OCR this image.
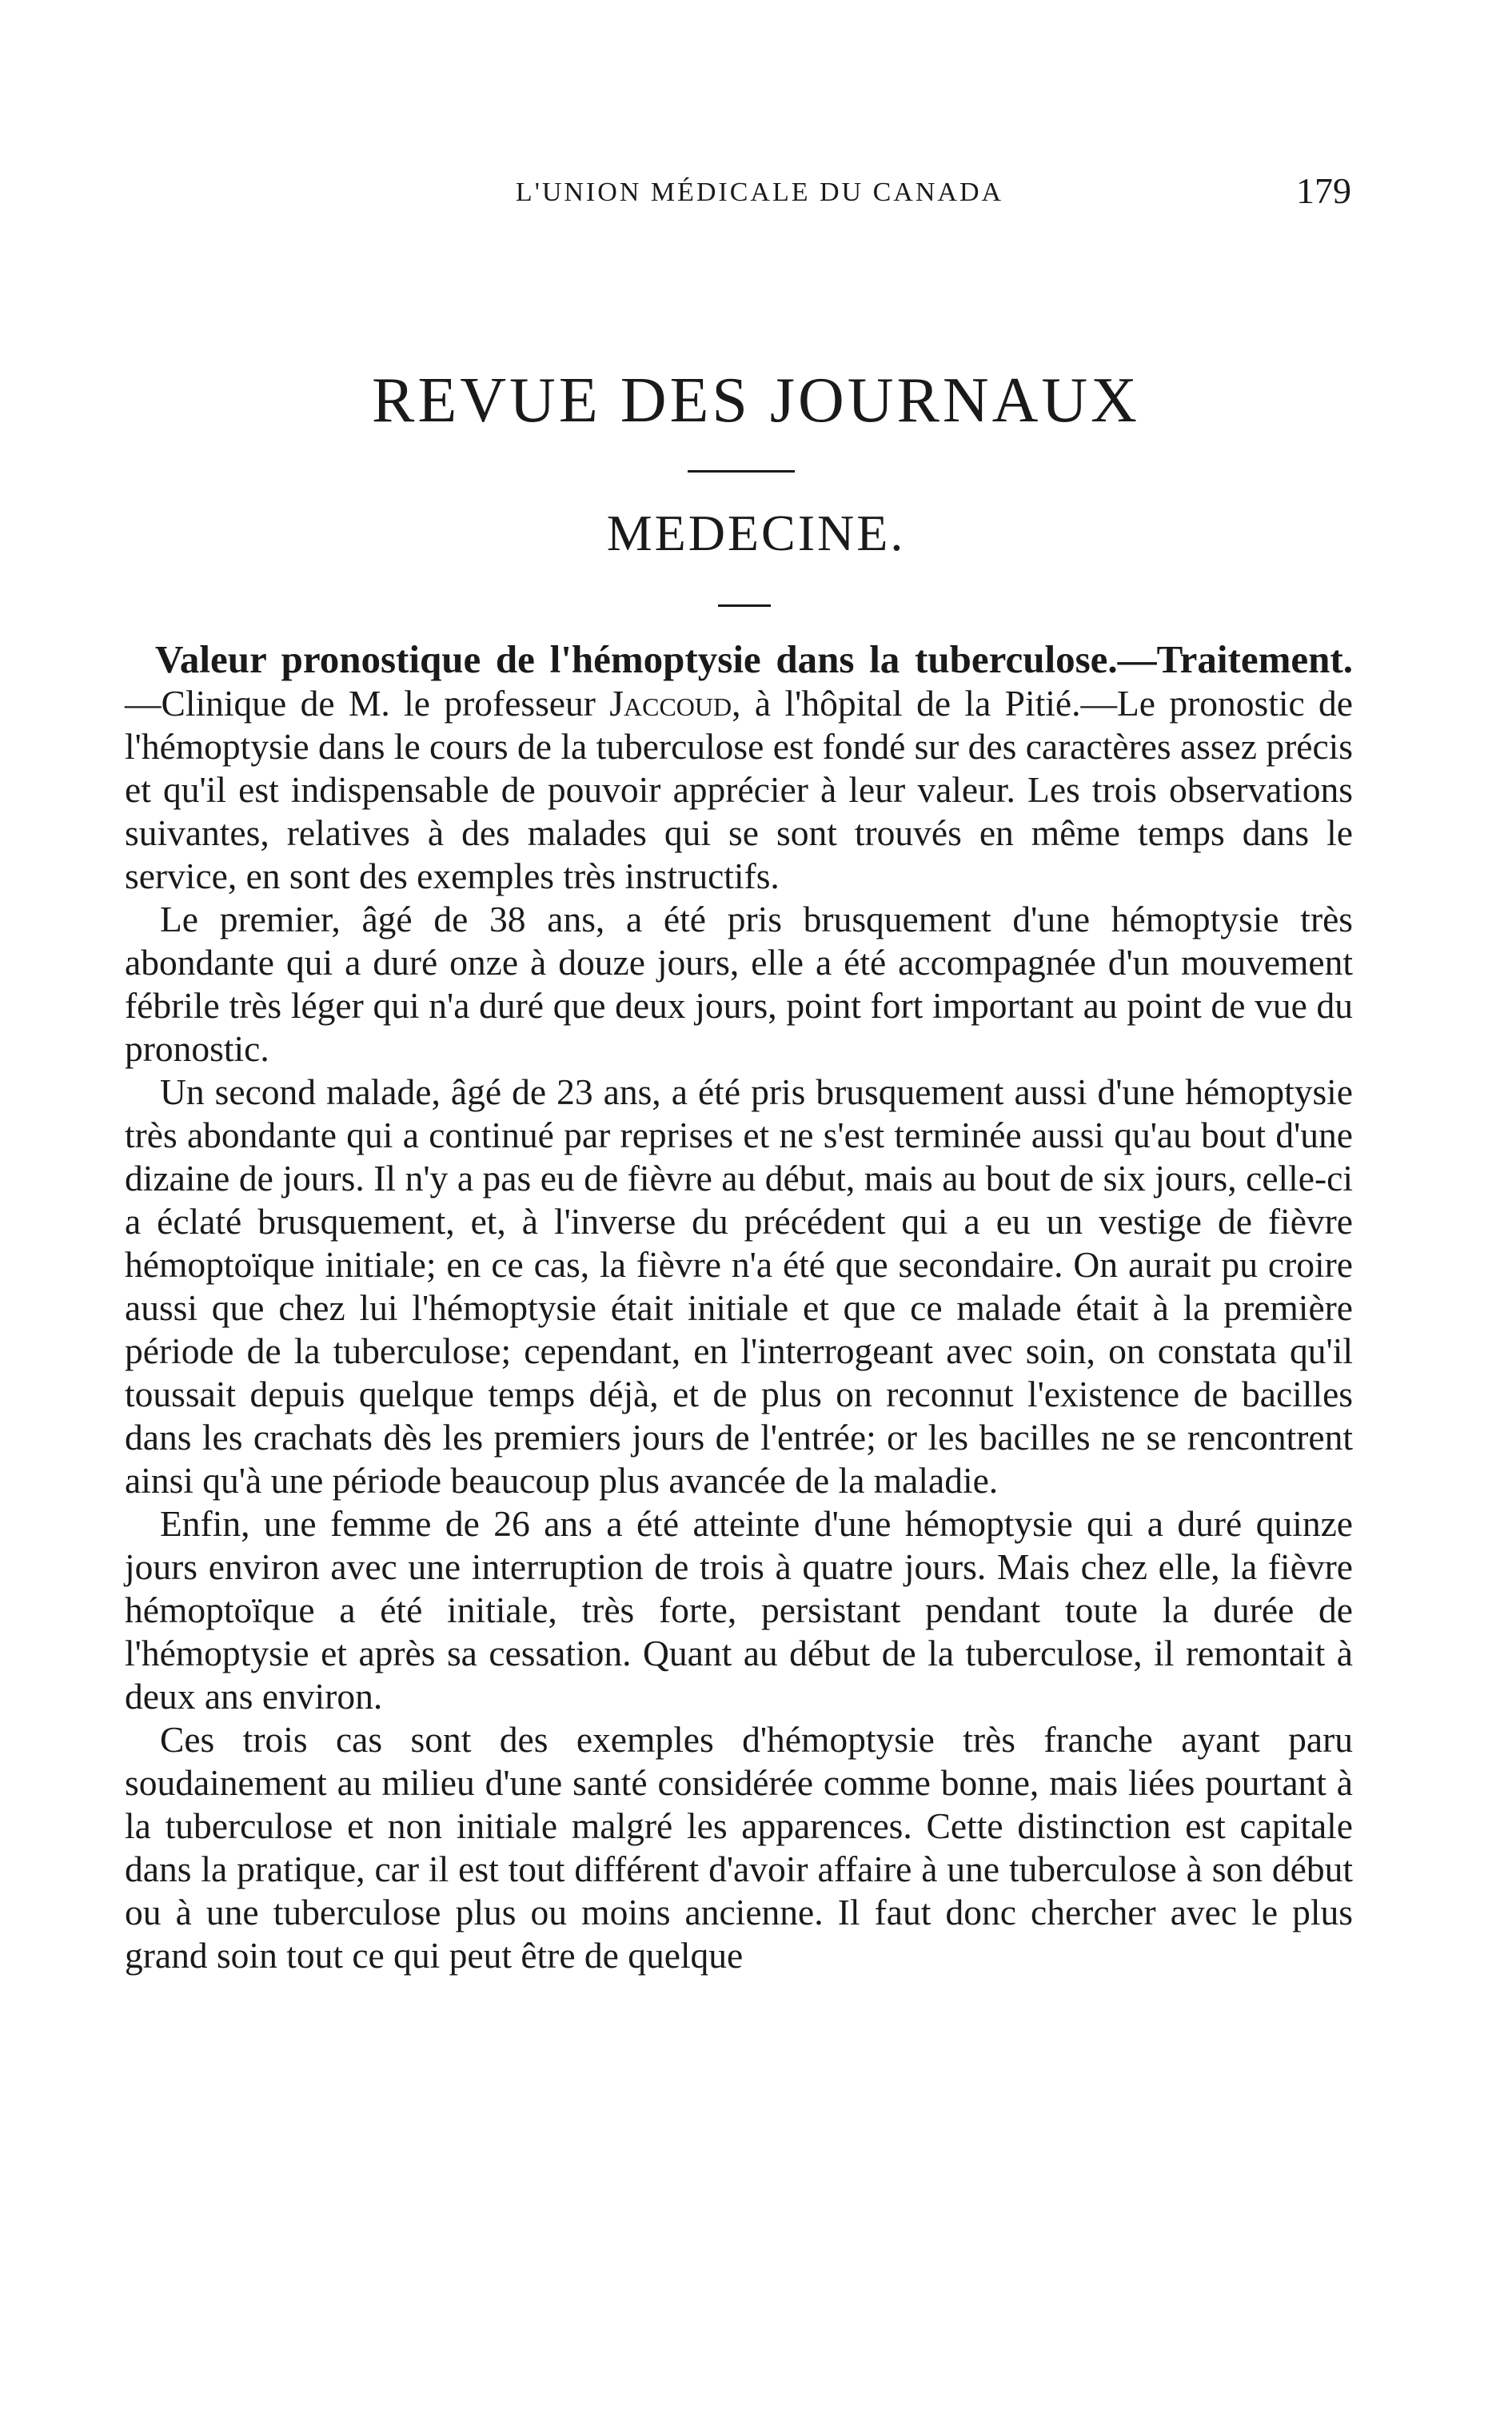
L'UNION MÉDICALE DU CANADA	179
REVUE DES JOURNAUX
MEDECINE.

Valeur pronostique de l'hémoptysie dans la tuberculose.—Traitement.—Clinique de M. le professeur Jaccoud, à l'hôpital de la Pitié.—Le pronostic de l'hémoptysie dans le cours de la tuberculose est fondé sur des caractères assez précis et qu'il est indispensable de pouvoir apprécier à leur valeur. Les trois observations suivantes, relatives à des malades qui se sont trouvés en même temps dans le service, en sont des exemples très instructifs.

Le premier, âgé de 38 ans, a été pris brusquement d'une hémoptysie très abondante qui a duré onze à douze jours, elle a été accompagnée d'un mouvement fébrile très léger qui n'a duré que deux jours, point fort important au point de vue du pronostic.

Un second malade, âgé de 23 ans, a été pris brusquement aussi d'une hémoptysie très abondante qui a continué par reprises et ne s'est terminée aussi qu'au bout d'une dizaine de jours. Il n'y a pas eu de fièvre au début, mais au bout de six jours, celle-ci a éclaté brusquement, et, à l'inverse du précédent qui a eu un vestige de fièvre hémoptoïque initiale; en ce cas, la fièvre n'a été que secondaire. On aurait pu croire aussi que chez lui l'hémoptysie était initiale et que ce malade était à la première période de la tuberculose; cependant, en l'interrogeant avec soin, on constata qu'il toussait depuis quelque temps déjà, et de plus on reconnut l'existence de bacilles dans les crachats dès les premiers jours de l'entrée; or les bacilles ne se rencontrent ainsi qu'à une période beaucoup plus avancée de la maladie.

Enfin, une femme de 26 ans a été atteinte d'une hémoptysie qui a duré quinze jours environ avec une interruption de trois à quatre jours. Mais chez elle, la fièvre hémoptoïque a été initiale, très forte, persistant pendant toute la durée de l'hémoptysie et après sa cessation. Quant au début de la tuberculose, il remontait à deux ans environ.

Ces trois cas sont des exemples d'hémoptysie très franche ayant paru soudainement au milieu d'une santé considérée comme bonne, mais liées pourtant à la tuberculose et non initiale malgré les apparences. Cette distinction est capitale dans la pratique, car il est tout différent d'avoir affaire à une tuberculose à son début ou à une tuberculose plus ou moins ancienne. Il faut donc chercher avec le plus grand soin tout ce qui peut être de quelque
